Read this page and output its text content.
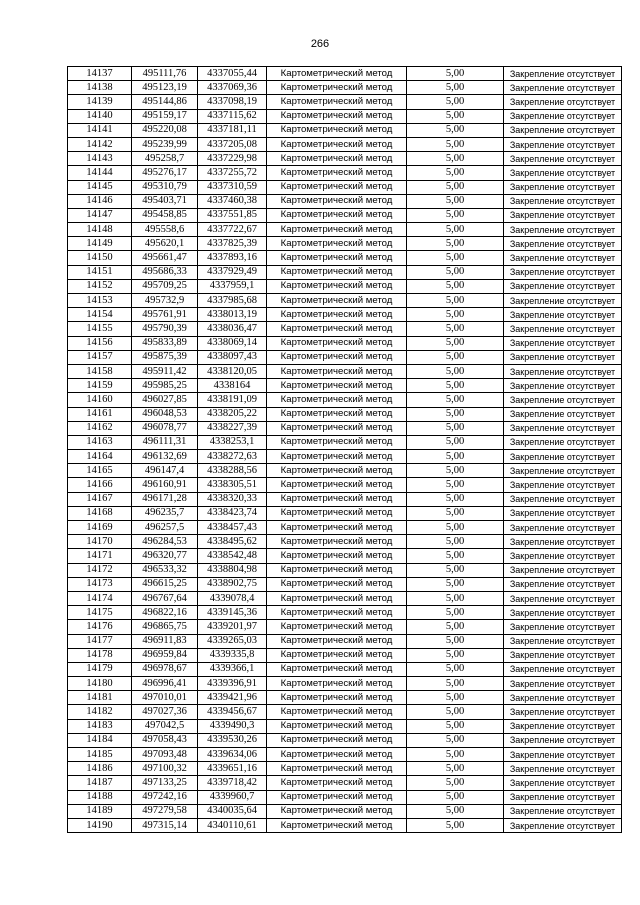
266
14137	495111,76	4337055,44	Картометрический метод	5,00	Закрепление отсутствует
14138	495123,19	4337069,36	Картометрический метод	5,00	Закрепление отсутствует
14139	495144,86	4337098,19	Картометрический метод	5,00	Закрепление отсутствует
14140	495159,17	4337115,62	Картометрический метод	5,00	Закрепление отсутствует
14141	495220,08	4337181,11	Картометрический метод	5,00	Закрепление отсутствует
14142	495239,99	4337205,08	Картометрический метод	5,00	Закрепление отсутствует
14143	495258,7	4337229,98	Картометрический метод	5,00	Закрепление отсутствует
14144	495276,17	4337255,72	Картометрический метод	5,00	Закрепление отсутствует
14145	495310,79	4337310,59	Картометрический метод	5,00	Закрепление отсутствует
14146	495403,71	4337460,38	Картометрический метод	5,00	Закрепление отсутствует
14147	495458,85	4337551,85	Картометрический метод	5,00	Закрепление отсутствует
14148	495558,6	4337722,67	Картометрический метод	5,00	Закрепление отсутствует
14149	495620,1	4337825,39	Картометрический метод	5,00	Закрепление отсутствует
14150	495661,47	4337893,16	Картометрический метод	5,00	Закрепление отсутствует
14151	495686,33	4337929,49	Картометрический метод	5,00	Закрепление отсутствует
14152	495709,25	4337959,1	Картометрический метод	5,00	Закрепление отсутствует
14153	495732,9	4337985,68	Картометрический метод	5,00	Закрепление отсутствует
14154	495761,91	4338013,19	Картометрический метод	5,00	Закрепление отсутствует
14155	495790,39	4338036,47	Картометрический метод	5,00	Закрепление отсутствует
14156	495833,89	4338069,14	Картометрический метод	5,00	Закрепление отсутствует
14157	495875,39	4338097,43	Картометрический метод	5,00	Закрепление отсутствует
14158	495911,42	4338120,05	Картометрический метод	5,00	Закрепление отсутствует
14159	495985,25	4338164	Картометрический метод	5,00	Закрепление отсутствует
14160	496027,85	4338191,09	Картометрический метод	5,00	Закрепление отсутствует
14161	496048,53	4338205,22	Картометрический метод	5,00	Закрепление отсутствует
14162	496078,77	4338227,39	Картометрический метод	5,00	Закрепление отсутствует
14163	496111,31	4338253,1	Картометрический метод	5,00	Закрепление отсутствует
14164	496132,69	4338272,63	Картометрический метод	5,00	Закрепление отсутствует
14165	496147,4	4338288,56	Картометрический метод	5,00	Закрепление отсутствует
14166	496160,91	4338305,51	Картометрический метод	5,00	Закрепление отсутствует
14167	496171,28	4338320,33	Картометрический метод	5,00	Закрепление отсутствует
14168	496235,7	4338423,74	Картометрический метод	5,00	Закрепление отсутствует
14169	496257,5	4338457,43	Картометрический метод	5,00	Закрепление отсутствует
14170	496284,53	4338495,62	Картометрический метод	5,00	Закрепление отсутствует
14171	496320,77	4338542,48	Картометрический метод	5,00	Закрепление отсутствует
14172	496533,32	4338804,98	Картометрический метод	5,00	Закрепление отсутствует
14173	496615,25	4338902,75	Картометрический метод	5,00	Закрепление отсутствует
14174	496767,64	4339078,4	Картометрический метод	5,00	Закрепление отсутствует
14175	496822,16	4339145,36	Картометрический метод	5,00	Закрепление отсутствует
14176	496865,75	4339201,97	Картометрический метод	5,00	Закрепление отсутствует
14177	496911,83	4339265,03	Картометрический метод	5,00	Закрепление отсутствует
14178	496959,84	4339335,8	Картометрический метод	5,00	Закрепление отсутствует
14179	496978,67	4339366,1	Картометрический метод	5,00	Закрепление отсутствует
14180	496996,41	4339396,91	Картометрический метод	5,00	Закрепление отсутствует
14181	497010,01	4339421,96	Картометрический метод	5,00	Закрепление отсутствует
14182	497027,36	4339456,67	Картометрический метод	5,00	Закрепление отсутствует
14183	497042,5	4339490,3	Картометрический метод	5,00	Закрепление отсутствует
14184	497058,43	4339530,26	Картометрический метод	5,00	Закрепление отсутствует
14185	497093,48	4339634,06	Картометрический метод	5,00	Закрепление отсутствует
14186	497100,32	4339651,16	Картометрический метод	5,00	Закрепление отсутствует
14187	497133,25	4339718,42	Картометрический метод	5,00	Закрепление отсутствует
14188	497242,16	4339960,7	Картометрический метод	5,00	Закрепление отсутствует
14189	497279,58	4340035,64	Картометрический метод	5,00	Закрепление отсутствует
14190	497315,14	4340110,61	Картометрический метод	5,00	Закрепление отсутствует
